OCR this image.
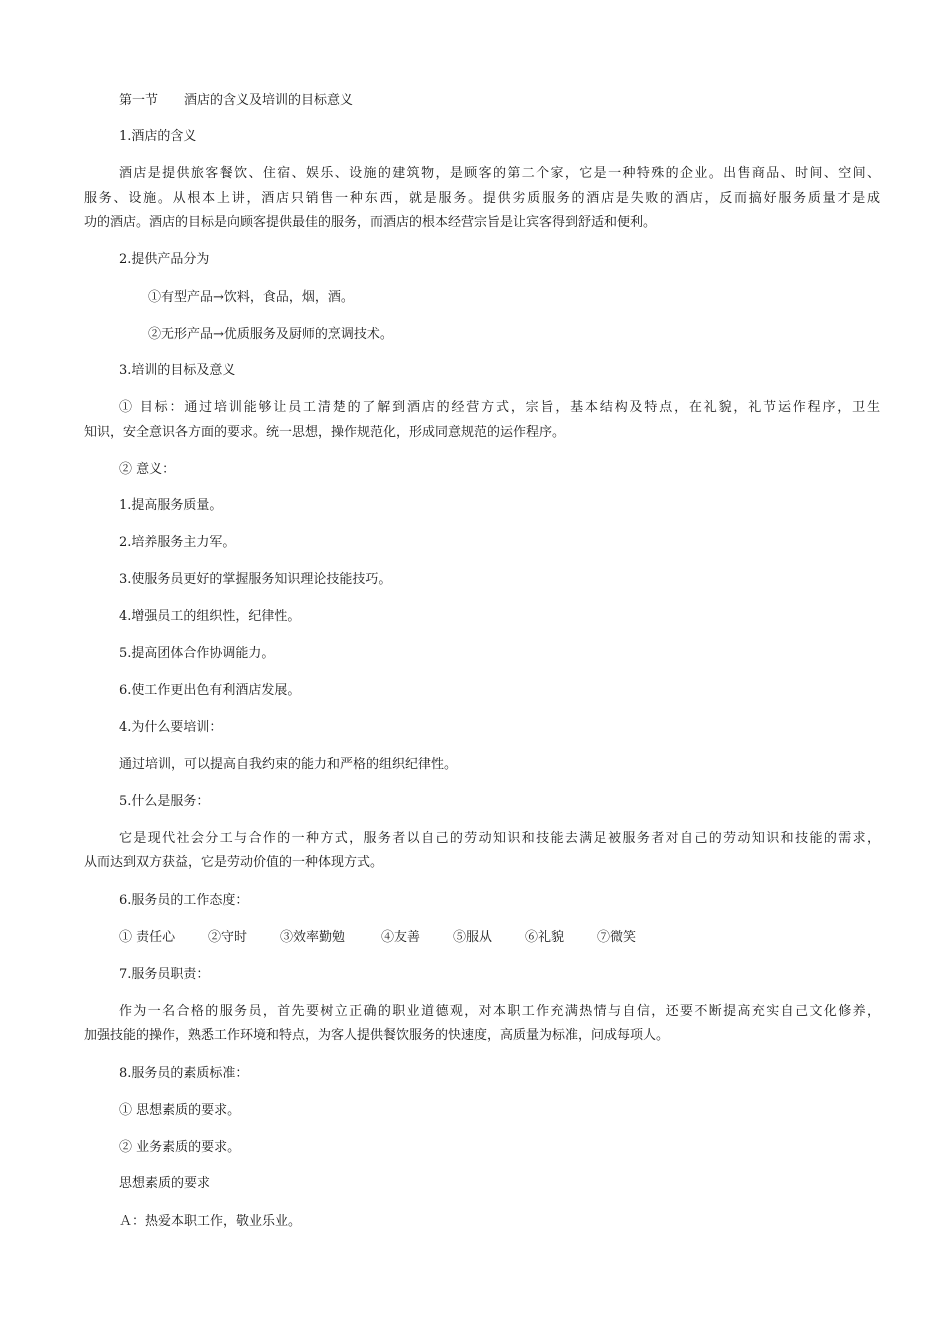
第一节　　酒店的含义及培训的目标意义
1.酒店的含义
酒店是提供旅客餐饮、住宿、娱乐、设施的建筑物，是顾客的第二个家，它是一种特殊的企业。出售商品、时间、空间、
服务、设施。从根本上讲，酒店只销售一种东西，就是服务。提供劣质服务的酒店是失败的酒店，反而搞好服务质量才是成
功的酒店。酒店的目标是向顾客提供最佳的服务，而酒店的根本经营宗旨是让宾客得到舒适和便利。
2.提供产品分为
①有型产品→饮料，食品，烟，酒。
②无形产品→优质服务及厨师的烹调技术。
3.培训的目标及意义
① 目标：通过培训能够让员工清楚的了解到酒店的经营方式，宗旨，基本结构及特点，在礼貌，礼节运作程序，卫生
知识，安全意识各方面的要求。统一思想，操作规范化，形成同意规范的运作程序。
② 意义：
1.提高服务质量。
2.培养服务主力军。
3.使服务员更好的掌握服务知识理论技能技巧。
4.增强员工的组织性，纪律性。
5.提高团体合作协调能力。
6.使工作更出色有利酒店发展。
4.为什么要培训：
通过培训，可以提高自我约束的能力和严格的组织纪律性。
5.什么是服务：
它是现代社会分工与合作的一种方式，服务者以自己的劳动知识和技能去满足被服务者对自己的劳动知识和技能的需求，
从而达到双方获益，它是劳动价值的一种体现方式。
6.服务员的工作态度：
① 责任心	②守时	③效率勤勉	④友善	⑤服从	⑥礼貌	⑦微笑
7.服务员职责：
作为一名合格的服务员，首先要树立正确的职业道德观，对本职工作充满热情与自信，还要不断提高充实自己文化修养，
加强技能的操作，熟悉工作环境和特点，为客人提供餐饮服务的快速度，高质量为标准，问成每项人。
8.服务员的素质标准：
① 思想素质的要求。
② 业务素质的要求。
思想素质的要求
Ａ：热爱本职工作，敬业乐业。
